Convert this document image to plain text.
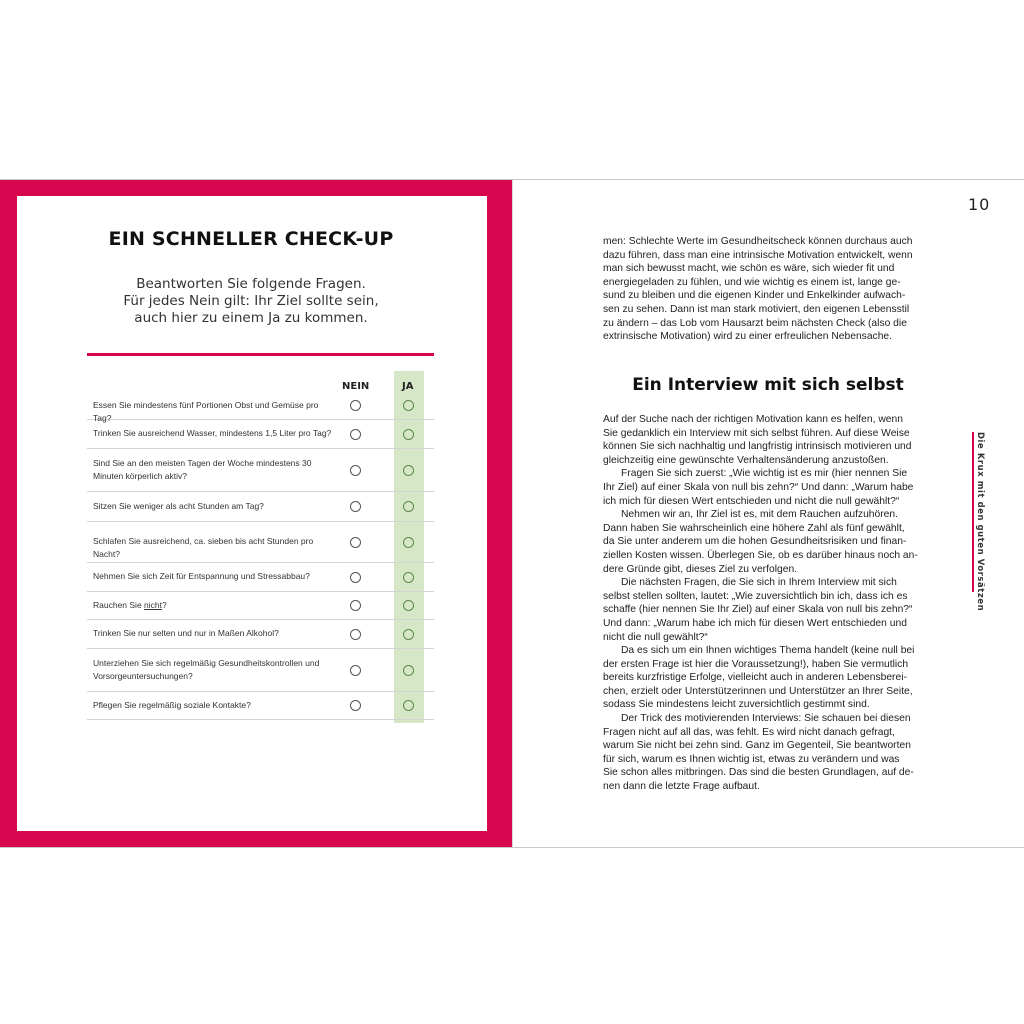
EIN SCHNELLER CHECK-UP
Beantworten Sie folgende Fragen.
Für jedes Nein gilt: Ihr Ziel sollte sein,
auch hier zu einem Ja zu kommen.
NEIN	JA
Essen Sie mindestens fünf Portionen Obst und Gemüse pro Tag?
Trinken Sie ausreichend Wasser, mindestens 1,5 Liter pro Tag?
Sind Sie an den meisten Tagen der Woche mindestens 30 Minuten körperlich aktiv?
Sitzen Sie weniger als acht Stunden am Tag?
Schlafen Sie ausreichend, ca. sieben bis acht Stunden pro Nacht?
Nehmen Sie sich Zeit für Entspannung und Stressabbau?
Rauchen Sie nicht?
Trinken Sie nur selten und nur in Maßen Alkohol?
Unterziehen Sie sich regelmäßig Gesundheitskontrollen und Vorsorgeuntersuchungen?
Pflegen Sie regelmäßig soziale Kontakte?
10
men: Schlechte Werte im Gesundheitscheck können durchaus auch
dazu führen, dass man eine intrinsische Motivation entwickelt, wenn
man sich bewusst macht, wie schön es wäre, sich wieder fit und
energiegeladen zu fühlen, und wie wichtig es einem ist, lange ge-
sund zu bleiben und die eigenen Kinder und Enkelkinder aufwach-
sen zu sehen. Dann ist man stark motiviert, den eigenen Lebensstil
zu ändern – das Lob vom Hausarzt beim nächsten Check (also die
extrinsische Motivation) wird zu einer erfreulichen Nebensache.
Ein Interview mit sich selbst
Auf der Suche nach der richtigen Motivation kann es helfen, wenn
Sie gedanklich ein Interview mit sich selbst führen. Auf diese Weise
können Sie sich nachhaltig und langfristig intrinsisch motivieren und
gleichzeitig eine gewünschte Verhaltensänderung anzustoßen.
Fragen Sie sich zuerst: „Wie wichtig ist es mir (hier nennen Sie
Ihr Ziel) auf einer Skala von null bis zehn?“ Und dann: „Warum habe
ich mich für diesen Wert entschieden und nicht die null gewählt?“
Nehmen wir an, Ihr Ziel ist es, mit dem Rauchen aufzuhören.
Dann haben Sie wahrscheinlich eine höhere Zahl als fünf gewählt,
da Sie unter anderem um die hohen Gesundheitsrisiken und finan-
ziellen Kosten wissen. Überlegen Sie, ob es darüber hinaus noch an-
dere Gründe gibt, dieses Ziel zu verfolgen.
Die nächsten Fragen, die Sie sich in Ihrem Interview mit sich
selbst stellen sollten, lautet: „Wie zuversichtlich bin ich, dass ich es
schaffe (hier nennen Sie Ihr Ziel) auf einer Skala von null bis zehn?“
Und dann: „Warum habe ich mich für diesen Wert entschieden und
nicht die null gewählt?“
Da es sich um ein Ihnen wichtiges Thema handelt (keine null bei
der ersten Frage ist hier die Voraussetzung!), haben Sie vermutlich
bereits kurzfristige Erfolge, vielleicht auch in anderen Lebensberei-
chen, erzielt oder Unterstützerinnen und Unterstützer an Ihrer Seite,
sodass Sie mindestens leicht zuversichtlich gestimmt sind.
Der Trick des motivierenden Interviews: Sie schauen bei diesen
Fragen nicht auf all das, was fehlt. Es wird nicht danach gefragt,
warum Sie nicht bei zehn sind. Ganz im Gegenteil, Sie beantworten
für sich, warum es Ihnen wichtig ist, etwas zu verändern und was
Sie schon alles mitbringen. Das sind die besten Grundlagen, auf de-
nen dann die letzte Frage aufbaut.
Die Krux mit den guten Vorsätzen
